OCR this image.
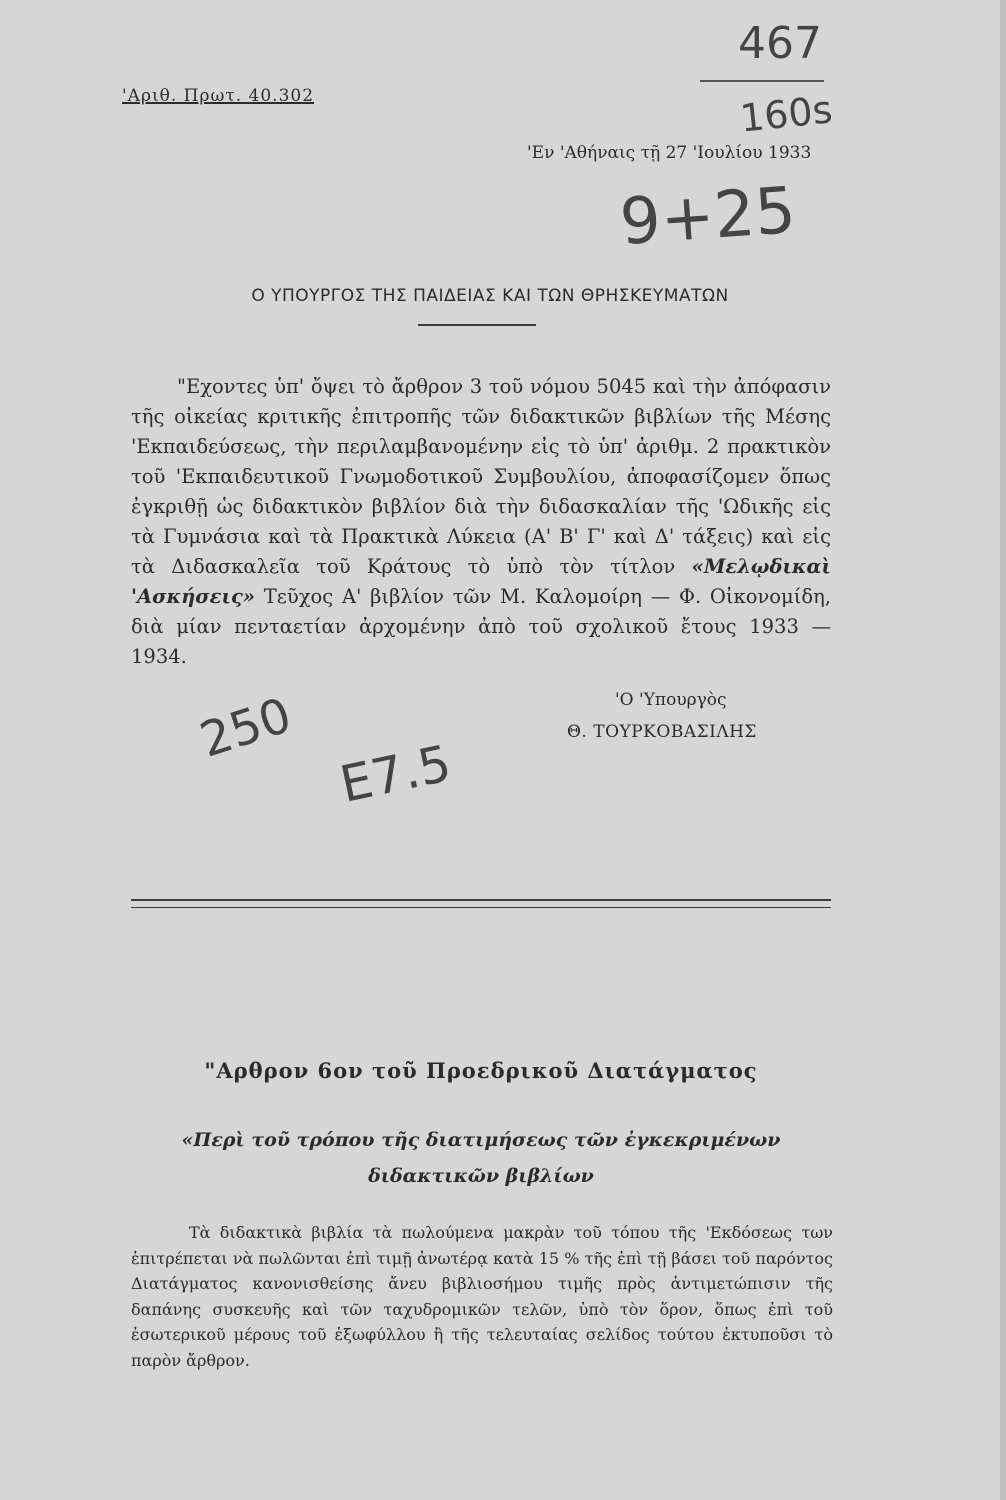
'Αριθ. Πρωτ. 40.302
'Εν 'Αθήναις τῇ 27 'Ιουλίου 1933
467
160s
9+25
Ο ΥΠΟΥΡΓΟΣ ΤΗΣ ΠΑΙΔΕΙΑΣ ΚΑΙ ΤΩΝ ΘΡΗΣΚΕΥΜΑΤΩΝ

"Εχοντες ὑπ' ὄψει τὸ ἄρθρον 3 τοῦ νόμου 5045 καὶ τὴν ἀπόφασιν τῆς οἰκείας κριτικῆς ἐπιτροπῆς τῶν διδακτικῶν βιβλίων τῆς Μέσης 'Εκπαιδεύσεως, τὴν περιλαμβανομένην εἰς τὸ ὑπ' ἀριθμ. 2 πρακτικὸν τοῦ 'Εκπαιδευτικοῦ Γνωμοδοτικοῦ Συμβουλίου, ἀποφασίζομεν ὅπως ἐγκριθῇ ὡς διδακτικὸν βιβλίον διὰ τὴν διδασκαλίαν τῆς 'Ωδικῆς εἰς τὰ Γυμνάσια καὶ τὰ Πρακτικὰ Λύκεια (Α' Β' Γ' καὶ Δ' τάξεις) καὶ εἰς τὰ Διδασκαλεῖα τοῦ Κράτους τὸ ὑπὸ τὸν τίτλον «Μελῳδικαὶ 'Ασκήσεις» Τεῦχος Α' βιβλίον τῶν Μ. Καλομοίρη — Φ. Οἰκονομίδη, διὰ μίαν πενταετίαν ἀρχομένην ἀπὸ τοῦ σχολικοῦ ἔτους 1933 — 1934.

'Ο 'Υπουργὸς
Θ. ΤΟΥΡΚΟΒΑΣΙΛΗΣ
250
E7.5
"Αρθρον 6ον τοῦ Προεδρικοῦ Διατάγματος
«Περὶ τοῦ τρόπου τῆς διατιμήσεως τῶν ἐγκεκριμένων διδακτικῶν βιβλίων

Τὰ διδακτικὰ βιβλία τὰ πωλούμενα μακρὰν τοῦ τόπου τῆς 'Εκδόσεως των ἐπιτρέπεται νὰ πωλῶνται ἐπὶ τιμῇ ἀνωτέρᾳ κατὰ 15 % τῆς ἐπὶ τῇ βάσει τοῦ παρόντος Διατάγματος κανονισθείσης ἄνευ βιβλιοσήμου τιμῆς πρὸς ἀντιμετώπισιν τῆς δαπάνης συσκευῆς καὶ τῶν ταχυδρομικῶν τελῶν, ὑπὸ τὸν ὅρον, ὅπως ἐπὶ τοῦ ἐσωτερικοῦ μέρους τοῦ ἐξωφύλλου ἢ τῆς τελευταίας σελίδος τούτου ἐκτυποῦσι τὸ παρὸν ἄρθρον.
